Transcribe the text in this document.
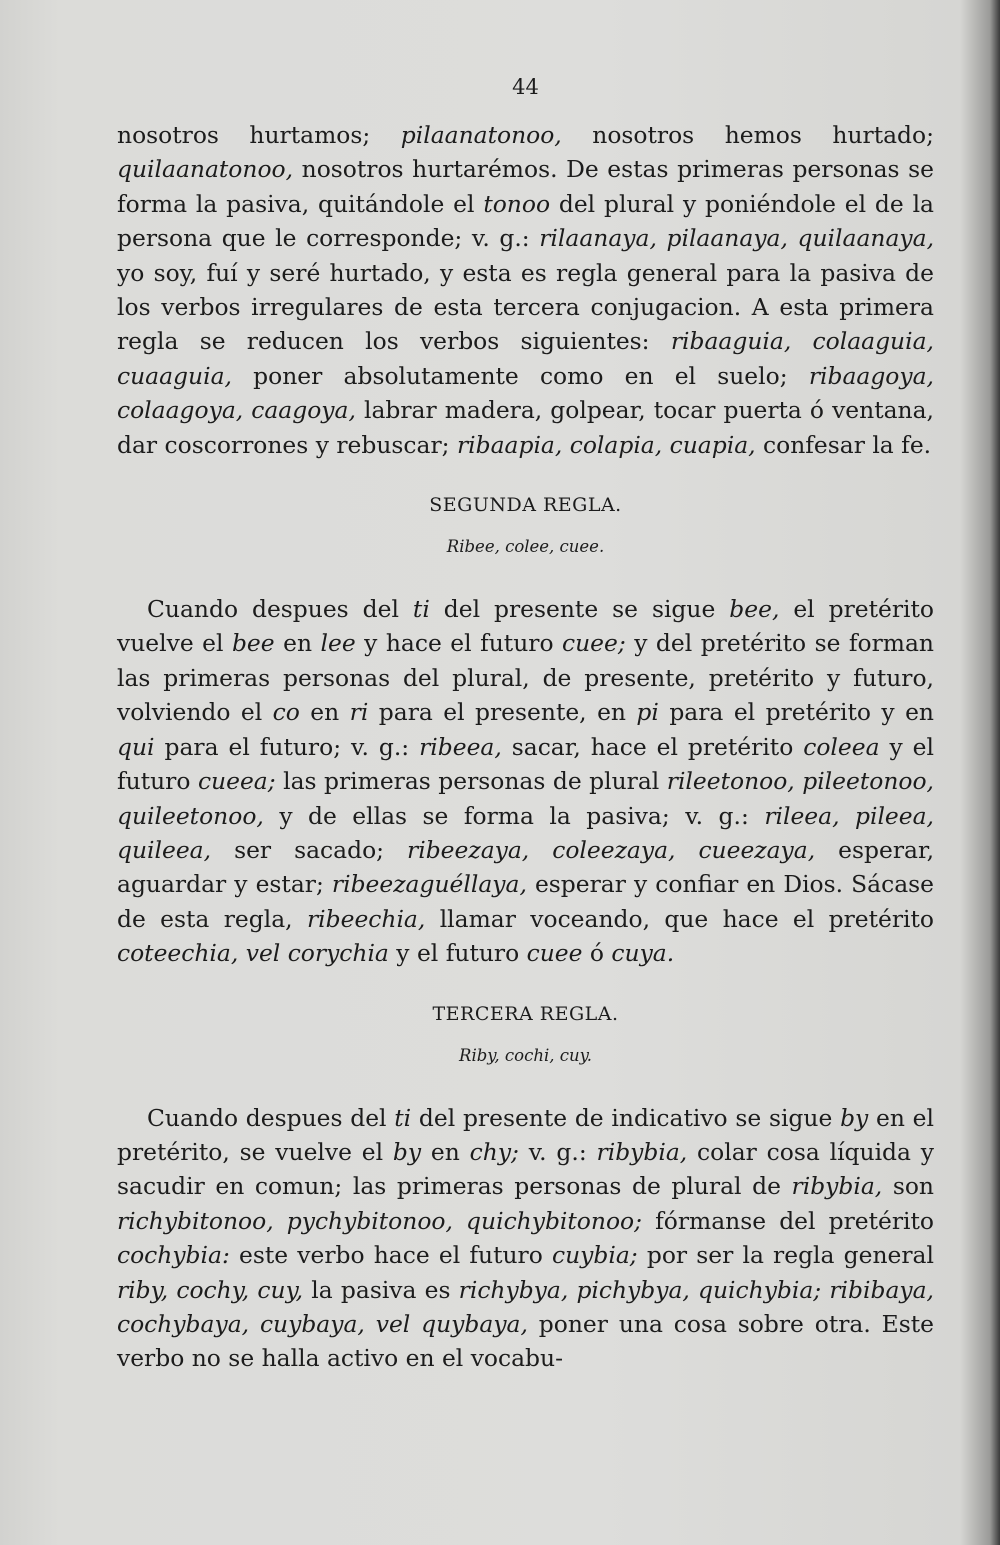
44

nosotros hurtamos; pilaanatonoo, nosotros hemos hurtado; quilaanatonoo, nosotros hurtarémos. De estas primeras personas se forma la pasiva, quitándole el tonoo del plural y poniéndole el de la persona que le corresponde; v. g.: rilaanaya, pilaanaya, quilaanaya, yo soy, fuí y seré hurtado, y esta es regla general para la pasiva de los verbos irregulares de esta tercera conjugacion. A esta primera regla se reducen los verbos siguientes: ribaaguia, colaaguia, cuaaguia, poner absolutamente como en el suelo; ribaagoya, colaagoya, caagoya, labrar madera, golpear, tocar puerta ó ventana, dar coscorrones y rebuscar; ribaapia, colapia, cuapia, confesar la fe.

SEGUNDA REGLA.
Ribee, colee, cuee.

Cuando despues del ti del presente se sigue bee, el pretérito vuelve el bee en lee y hace el futuro cuee; y del pretérito se forman las primeras personas del plural, de presente, pretérito y futuro, volviendo el co en ri para el presente, en pi para el pretérito y en qui para el futuro; v. g.: ribeea, sacar, hace el pretérito coleea y el futuro cueea; las primeras personas de plural rileetonoo, pileetonoo, quileetonoo, y de ellas se forma la pasiva; v. g.: rileea, pileea, quileea, ser sacado; ribeezaya, coleezaya, cueezaya, esperar, aguardar y estar; ribeezaguéllaya, esperar y confiar en Dios. Sácase de esta regla, ribeechia, llamar voceando, que hace el pretérito coteechia, vel corychia y el futuro cuee ó cuya.

TERCERA REGLA.
Riby, cochi, cuy.

Cuando despues del ti del presente de indicativo se sigue by en el pretérito, se vuelve el by en chy; v. g.: ribybia, colar cosa líquida y sacudir en comun; las primeras personas de plural de ribybia, son richybitonoo, pychybitonoo, quichybitonoo; fórmanse del pretérito cochybia: este verbo hace el futuro cuybia; por ser la regla general riby, cochy, cuy, la pasiva es richybya, pichybya, quichybia; ribibaya, cochybaya, cuybaya, vel quybaya, poner una cosa sobre otra. Este verbo no se halla activo en el vocabu-
